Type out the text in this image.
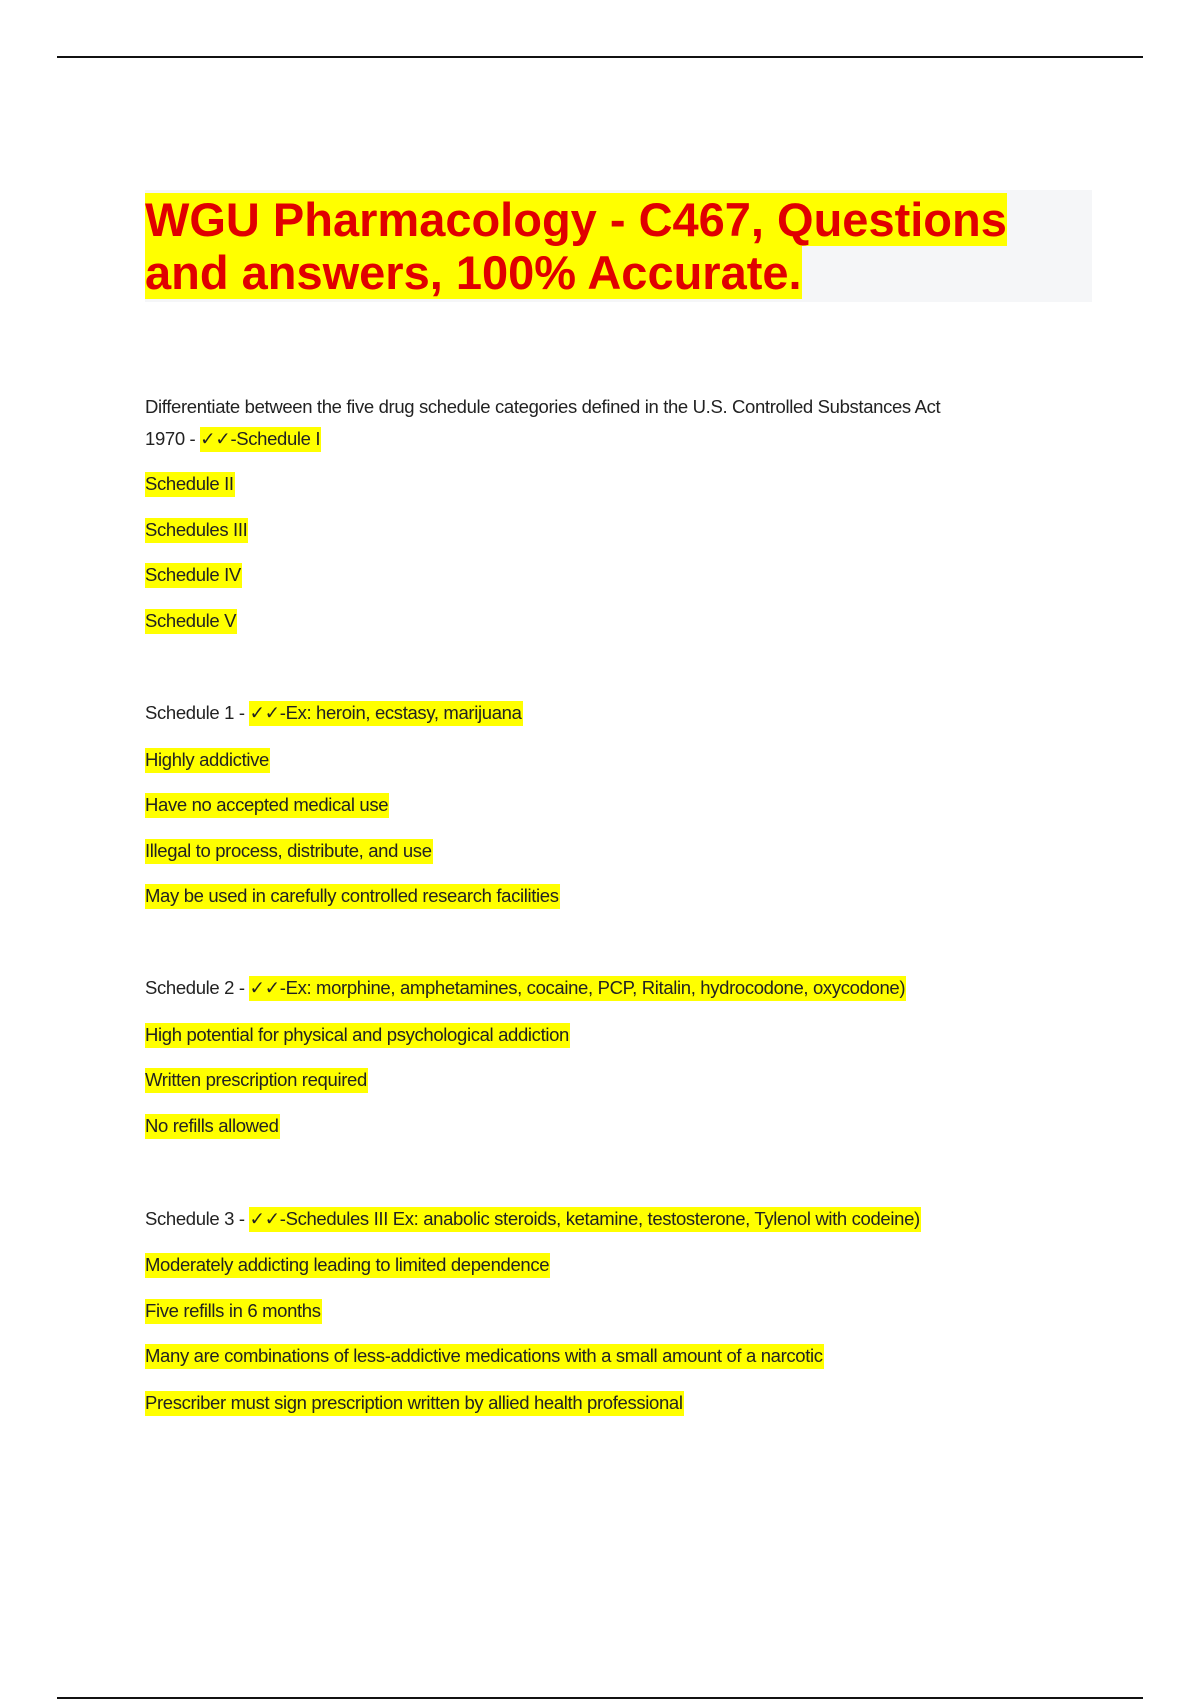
WGU Pharmacology - C467, Questions
and answers, 100% Accurate.
Differentiate between the five drug schedule categories defined in the U.S. Controlled Substances Act
1970 - ✓✓-Schedule I
Schedule II
Schedules III
Schedule IV
Schedule V
Schedule 1 - ✓✓-Ex: heroin, ecstasy, marijuana
Highly addictive
Have no accepted medical use
Illegal to process, distribute, and use
May be used in carefully controlled research facilities
Schedule 2 - ✓✓-Ex: morphine, amphetamines, cocaine, PCP, Ritalin, hydrocodone, oxycodone)
High potential for physical and psychological addiction
Written prescription required
No refills allowed
Schedule 3 - ✓✓-Schedules III Ex: anabolic steroids, ketamine, testosterone, Tylenol with codeine)
Moderately addicting leading to limited dependence
Five refills in 6 months
Many are combinations of less-addictive medications with a small amount of a narcotic
Prescriber must sign prescription written by allied health professional
